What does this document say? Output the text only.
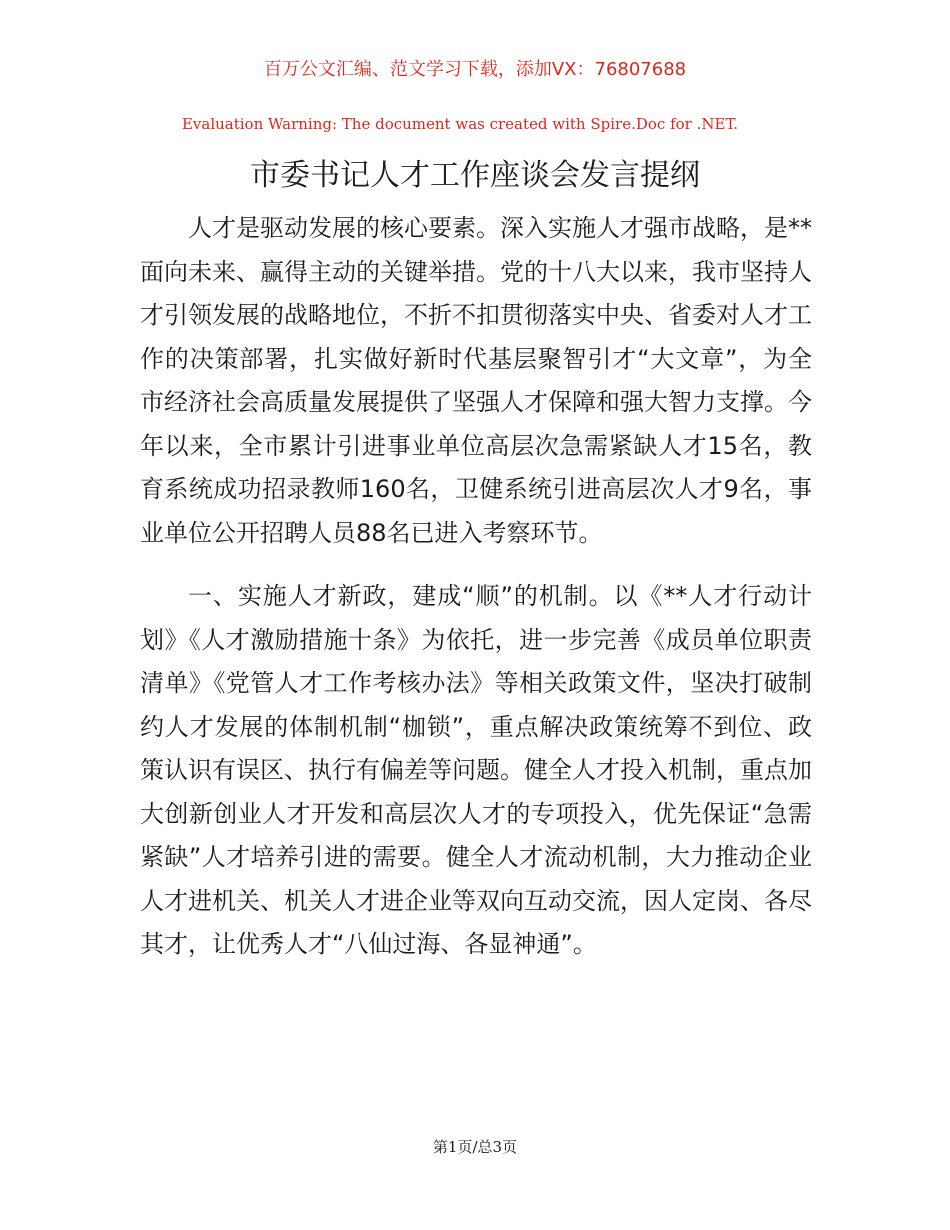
百万公文汇编、范文学习下载，添加VX：76807688
Evaluation Warning: The document was created with Spire.Doc for .NET.
市委书记人才工作座谈会发言提纲

人才是驱动发展的核心要素。深入实施人才强市战略，是**面向未来、赢得主动的关键举措。党的十八大以来，我市坚持人才引领发展的战略地位，不折不扣贯彻落实中央、省委对人才工作的决策部署，扎实做好新时代基层聚智引才“大文章”，为全市经济社会高质量发展提供了坚强人才保障和强大智力支撑。今年以来，全市累计引进事业单位高层次急需紧缺人才15名，教育系统成功招录教师160名，卫健系统引进高层次人才9名，事业单位公开招聘人员88名已进入考察环节。

一、实施人才新政，建成“顺”的机制。以《**人才行动计划》《人才激励措施十条》为依托，进一步完善《成员单位职责清单》《党管人才工作考核办法》等相关政策文件，坚决打破制约人才发展的体制机制“枷锁”，重点解决政策统筹不到位、政策认识有误区、执行有偏差等问题。健全人才投入机制，重点加大创新创业人才开发和高层次人才的专项投入，优先保证“急需紧缺”人才培养引进的需要。健全人才流动机制，大力推动企业人才进机关、机关人才进企业等双向互动交流，因人定岗、各尽其才，让优秀人才“八仙过海、各显神通”。

第1页/总3页
